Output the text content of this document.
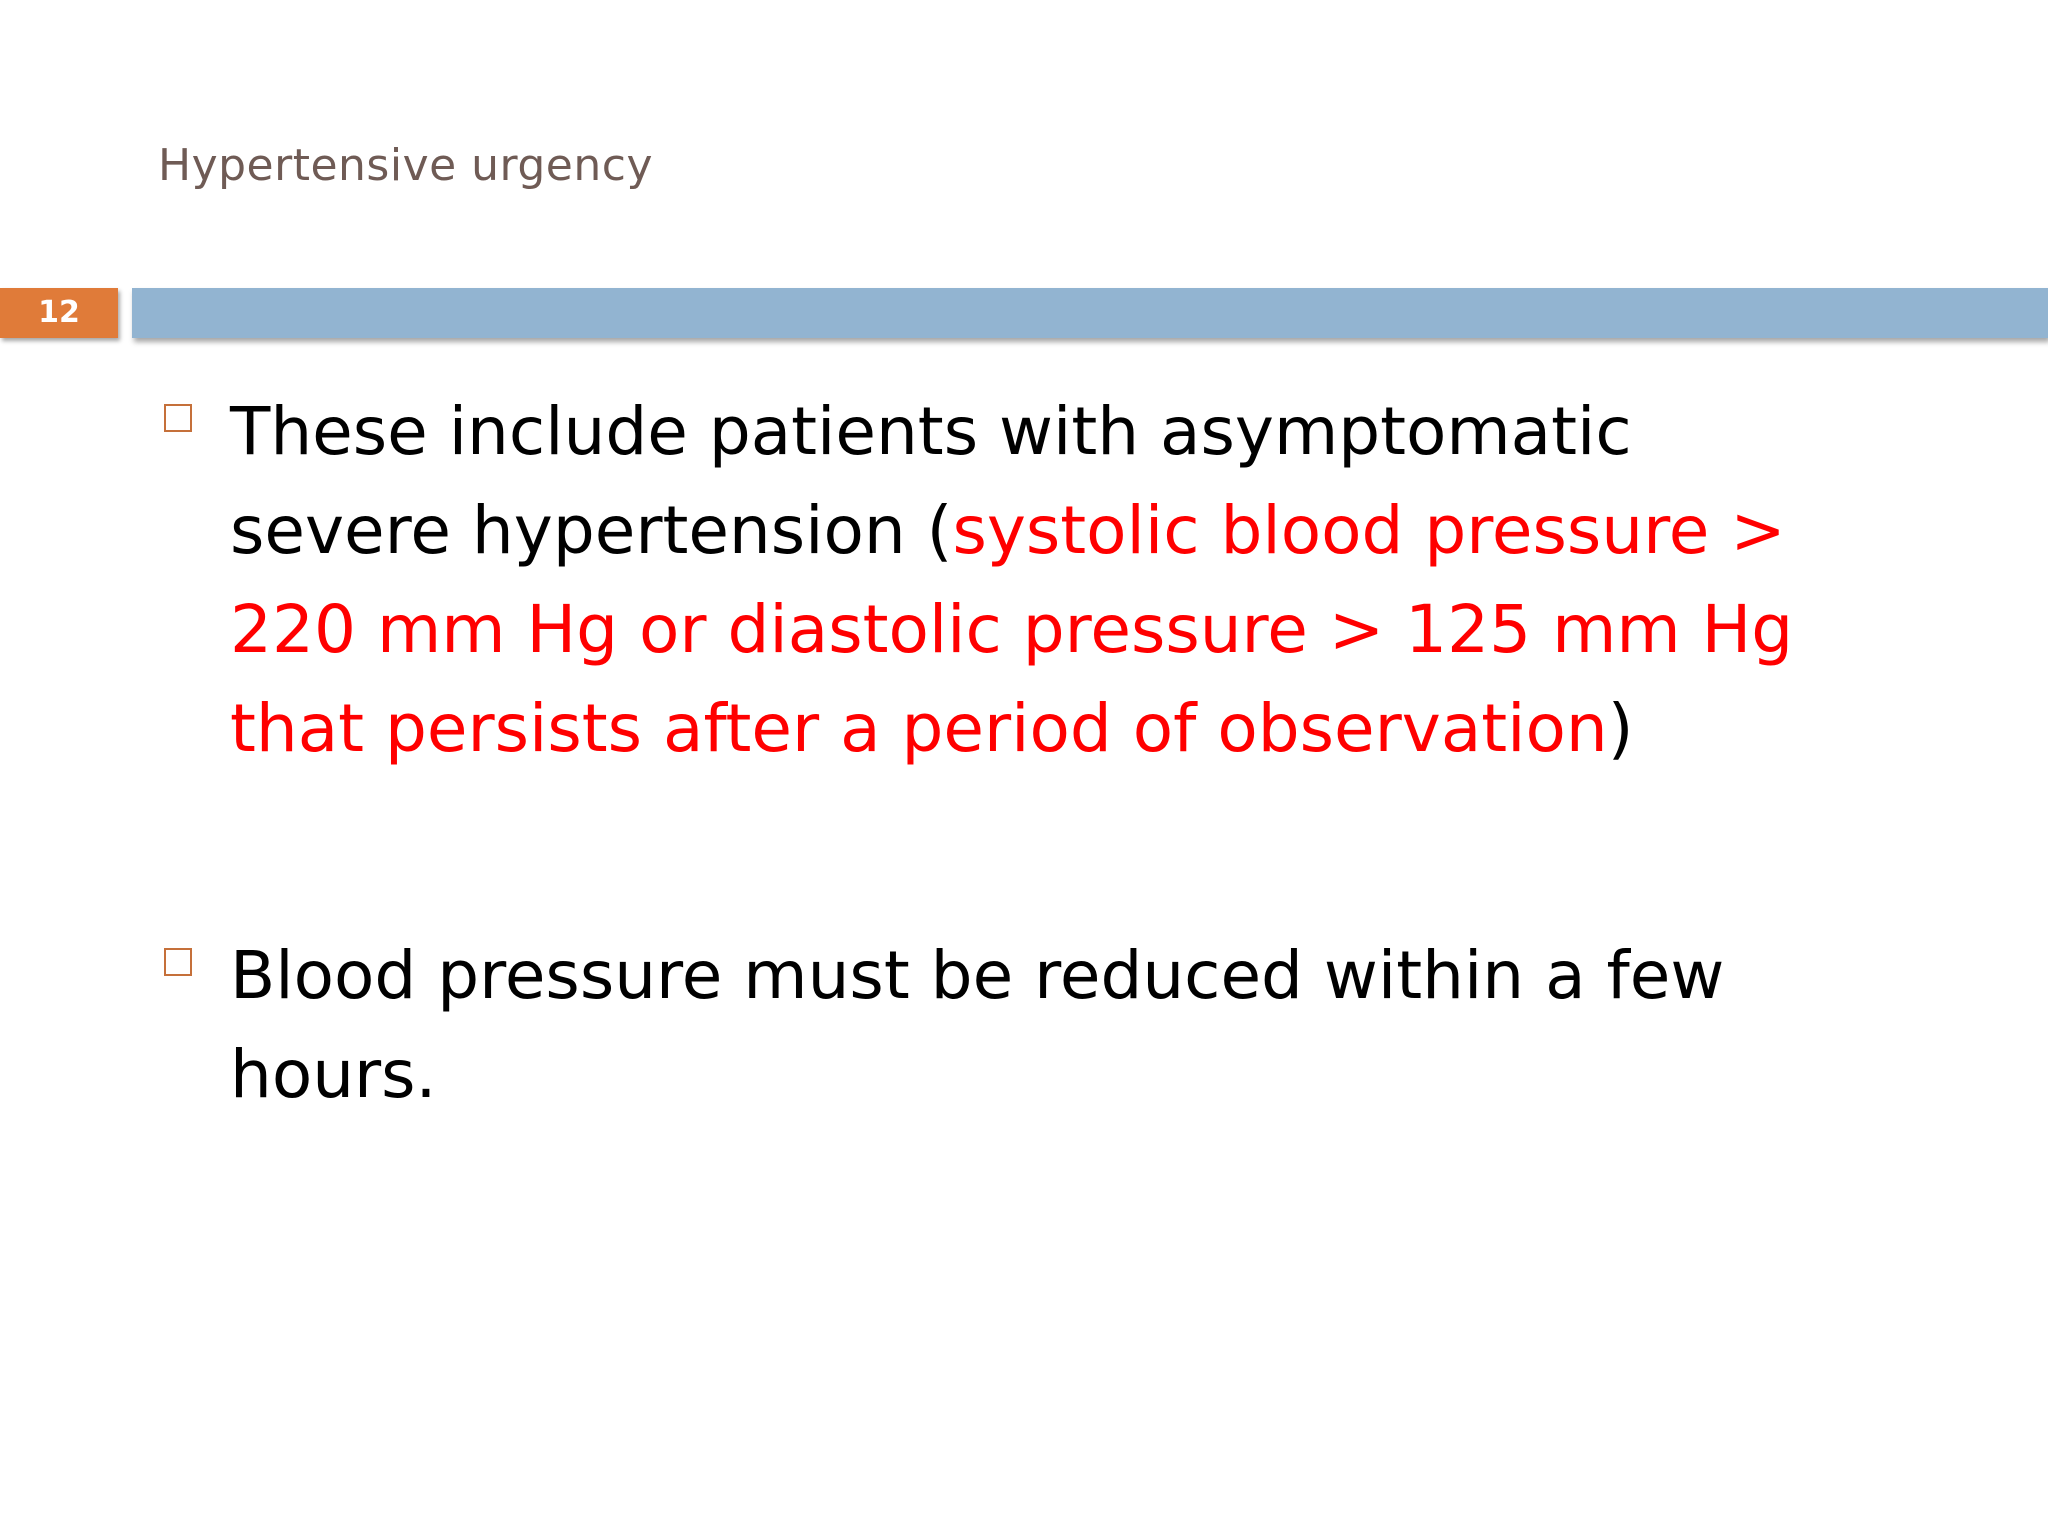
Hypertensive urgency
12
These include patients with asymptomatic severe hypertension (systolic blood pressure > 220 mm Hg or diastolic pressure > 125 mm Hg that persists after a period of observation)
Blood pressure must be reduced within a few hours.
